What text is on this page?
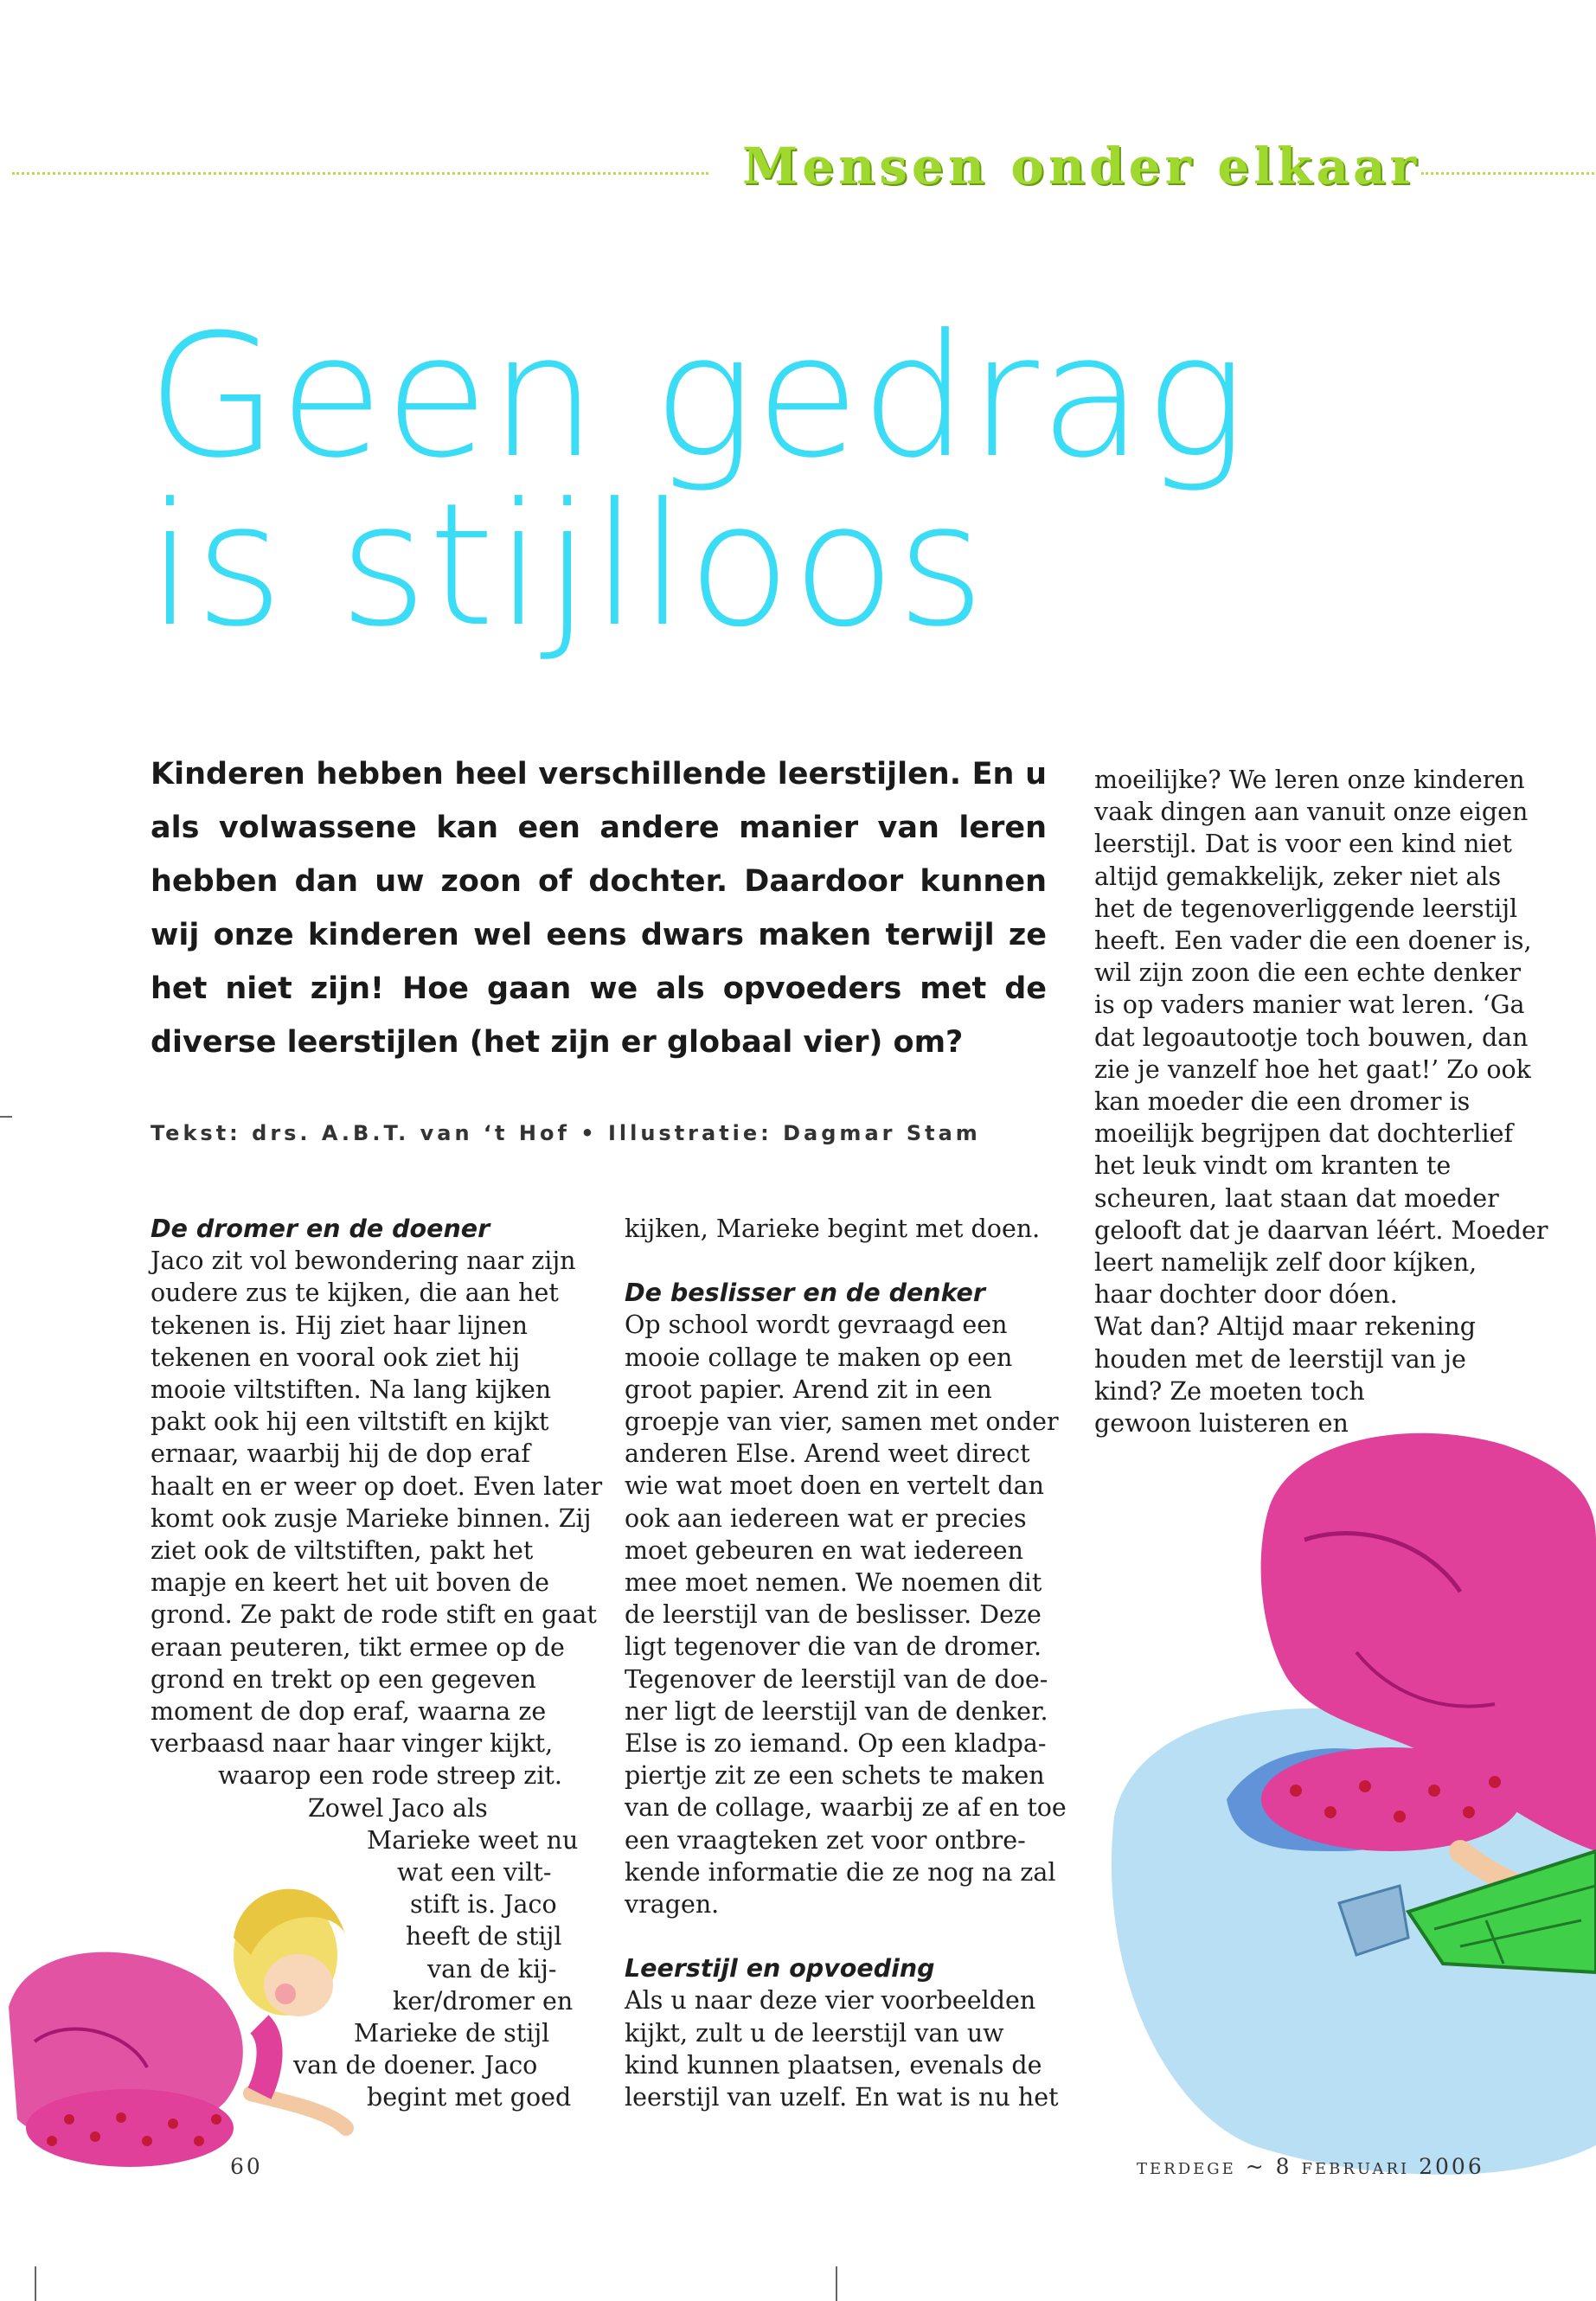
Mensen onder elkaar
Geen gedrag
is stijlloos

Kinderen hebben heel verschillende leerstijlen. En u als volwassene kan een andere manier van leren hebben dan uw zoon of dochter. Daardoor kunnen wij onze kinderen wel eens dwars maken terwijl ze het niet zijn! Hoe gaan we als opvoeders met de diverse leerstijlen (het zijn er globaal vier) om?

Tekst: drs. A.B.T. van ‘t Hof • Illustratie: Dagmar Stam
De dromer en de doener
Jaco zit vol bewondering naar zijn
oudere zus te kijken, die aan het
tekenen is. Hij ziet haar lijnen
tekenen en vooral ook ziet hij
mooie viltstiften. Na lang kijken
pakt ook hij een viltstift en kijkt
ernaar, waarbij hij de dop eraf
haalt en er weer op doet. Even later
komt ook zusje Marieke binnen. Zij
ziet ook de viltstiften, pakt het
mapje en keert het uit boven de
grond. Ze pakt de rode stift en gaat
eraan peuteren, tikt ermee op de
grond en trekt op een gegeven
moment de dop eraf, waarna ze
verbaasd naar haar vinger kijkt,
waarop een rode streep zit.
Zowel Jaco als
Marieke weet nu
wat een vilt-
stift is. Jaco
heeft de stijl
van de kij-
ker/dromer en
Marieke de stijl
van de doener. Jaco
begint met goed
kijken, Marieke begint met doen.
De beslisser en de denker
Op school wordt gevraagd een
mooie collage te maken op een
groot papier. Arend zit in een
groepje van vier, samen met onder
anderen Else. Arend weet direct
wie wat moet doen en vertelt dan
ook aan iedereen wat er precies
moet gebeuren en wat iedereen
mee moet nemen. We noemen dit
de leerstijl van de beslisser. Deze
ligt tegenover die van de dromer.
Tegenover de leerstijl van de doe-
ner ligt de leerstijl van de denker.
Else is zo iemand. Op een kladpa-
piertje zit ze een schets te maken
van de collage, waarbij ze af en toe
een vraagteken zet voor ontbre-
kende informatie die ze nog na zal
vragen.
Leerstijl en opvoeding
Als u naar deze vier voorbeelden
kijkt, zult u de leerstijl van uw
kind kunnen plaatsen, evenals de
leerstijl van uzelf. En wat is nu het
moeilijke? We leren onze kinderen
vaak dingen aan vanuit onze eigen
leerstijl. Dat is voor een kind niet
altijd gemakkelijk, zeker niet als
het de tegenoverliggende leerstijl
heeft. Een vader die een doener is,
wil zijn zoon die een echte denker
is op vaders manier wat leren. ‘Ga
dat legoautootje toch bouwen, dan
zie je vanzelf hoe het gaat!’ Zo ook
kan moeder die een dromer is
moeilijk begrijpen dat dochterlief
het leuk vindt om kranten te
scheuren, laat staan dat moeder
gelooft dat je daarvan léért. Moeder
leert namelijk zelf door kíjken,
haar dochter door dóen.
Wat dan? Altijd maar rekening
houden met de leerstijl van je
kind? Ze moeten toch
gewoon luisteren en
60	terdege ~ 8 februari 2006
